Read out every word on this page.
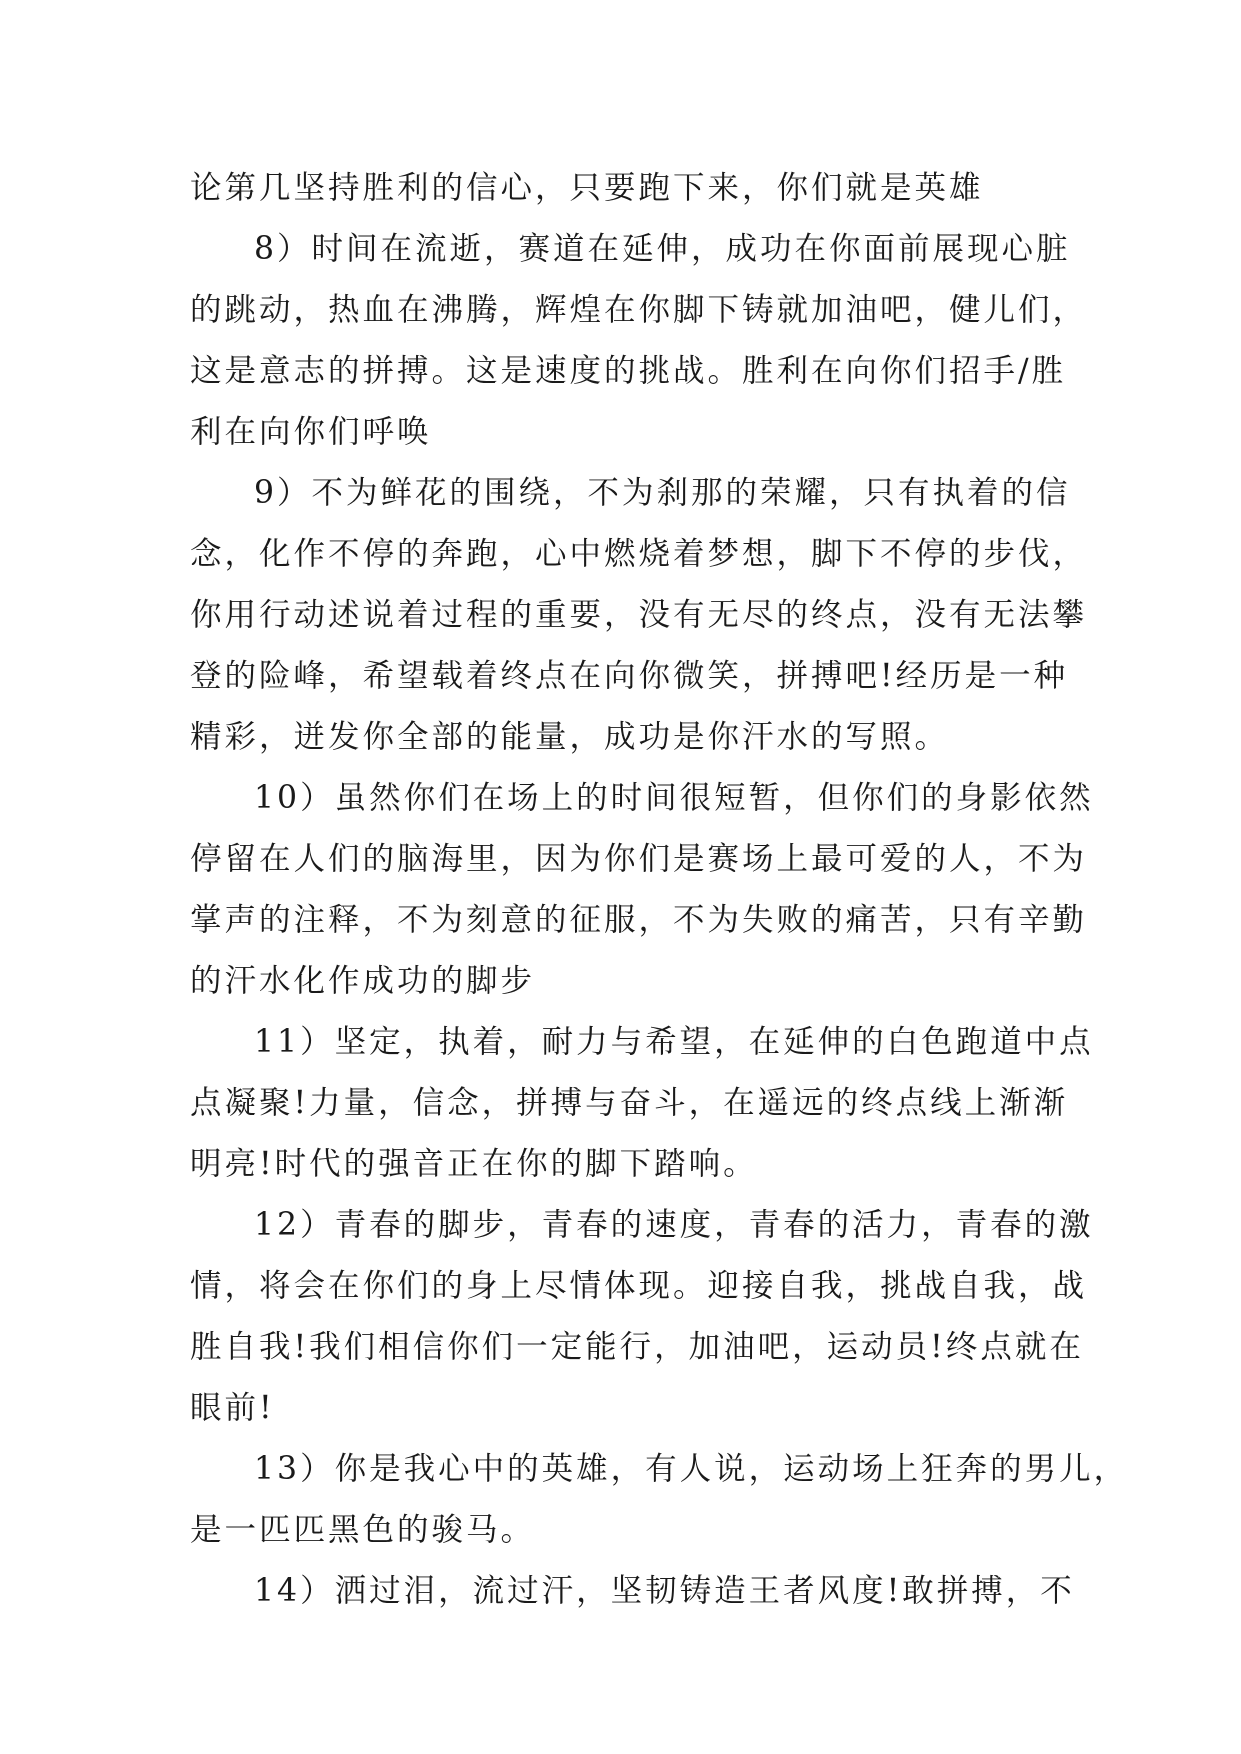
论第几坚持胜利的信心，只要跑下来，你们就是英雄
8）时间在流逝，赛道在延伸，成功在你面前展现心脏
的跳动，热血在沸腾，辉煌在你脚下铸就加油吧，健儿们，
这是意志的拼搏。这是速度的挑战。胜利在向你们招手/胜
利在向你们呼唤
9）不为鲜花的围绕，不为刹那的荣耀，只有执着的信
念，化作不停的奔跑，心中燃烧着梦想，脚下不停的步伐，
你用行动述说着过程的重要，没有无尽的终点，没有无法攀
登的险峰，希望载着终点在向你微笑，拼搏吧!经历是一种
精彩，迸发你全部的能量，成功是你汗水的写照。
10）虽然你们在场上的时间很短暂，但你们的身影依然
停留在人们的脑海里，因为你们是赛场上最可爱的人，不为
掌声的注释，不为刻意的征服，不为失败的痛苦，只有辛勤
的汗水化作成功的脚步
11）坚定，执着，耐力与希望，在延伸的白色跑道中点
点凝聚!力量，信念，拼搏与奋斗，在遥远的终点线上渐渐
明亮!时代的强音正在你的脚下踏响。
12）青春的脚步，青春的速度，青春的活力，青春的激
情，将会在你们的身上尽情体现。迎接自我，挑战自我，战
胜自我!我们相信你们一定能行，加油吧，运动员!终点就在
眼前!
13）你是我心中的英雄，有人说，运动场上狂奔的男儿，
是一匹匹黑色的骏马。
14）洒过泪，流过汗，坚韧铸造王者风度!敢拼搏，不
